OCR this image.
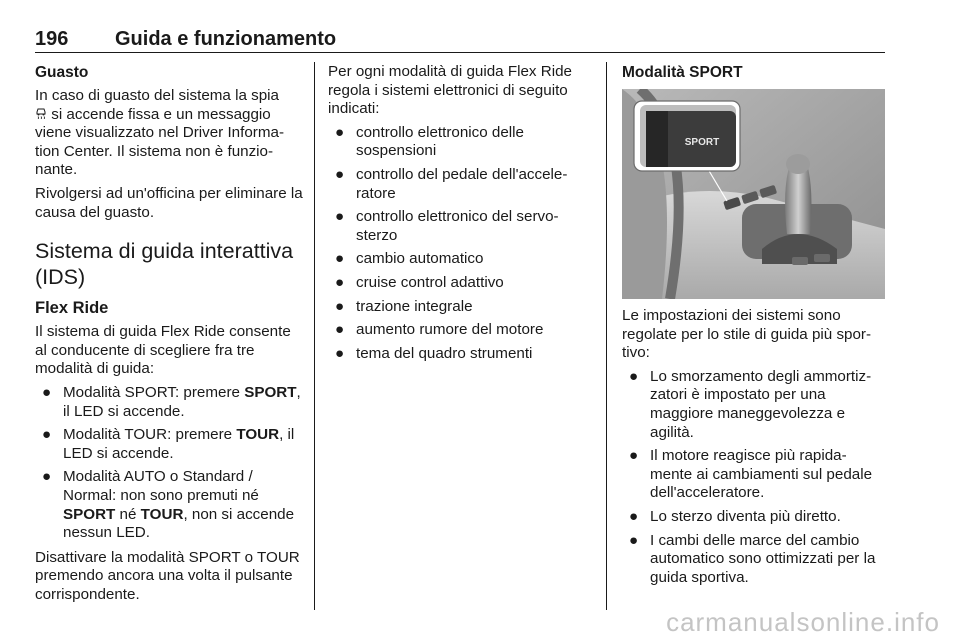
196 Guida e funzionamento
Guasto

In caso di guasto del sistema la spia
si accende fissa e un messaggio viene visualizzato nel Driver Informa-tion Center. Il sistema non è funzio-nante.

Rivolgersi ad un'officina per eliminare la causa del guasto.

Sistema di guida interattiva (IDS)
Flex Ride

Il sistema di guida Flex Ride consente al conducente di scegliere fra tre modalità di guida:

● Modalità SPORT: premere SPORT, il LED si accende.
● Modalità TOUR: premere TOUR, il LED si accende.
● Modalità AUTO o Standard / Normal: non sono premuti né SPORT né TOUR, non si accende nessun LED.

Disattivare la modalità SPORT o TOUR premendo ancora una volta il pulsante corrispondente.

Per ogni modalità di guida Flex Ride regola i sistemi elettronici di seguito indicati:

● controllo elettronico delle sospensioni
● controllo del pedale dell'accele-ratore
● controllo elettronico del servo-sterzo
● cambio automatico
● cruise control adattivo
● trazione integrale
● aumento rumore del motore
● tema del quadro strumenti
Modalità SPORT
SPORT

Le impostazioni dei sistemi sono regolate per lo stile di guida più spor-tivo:

● Lo smorzamento degli ammortiz-zatori è impostato per una maggiore maneggevolezza e agilità.
● Il motore reagisce più rapida-mente ai cambiamenti sul pedale dell'acceleratore.
● Lo sterzo diventa più diretto.
● I cambi delle marce del cambio automatico sono ottimizzati per la guida sportiva.
carmanualsonline.info
